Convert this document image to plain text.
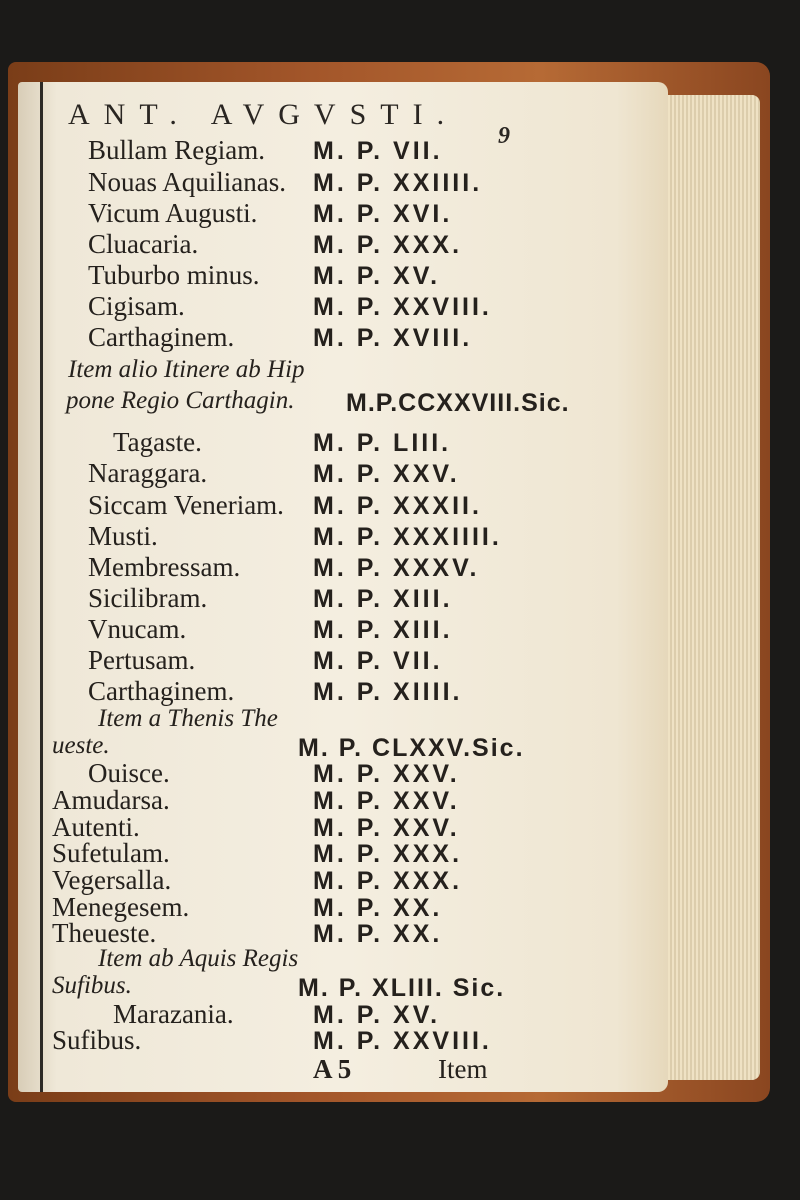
ANT. AVGVSTI.
9
Bullam Regiam. M. P. VII.
Nouas Aquilianas. M. P. XXIIII.
Vicum Augusti. M. P. XVI.
Cluacaria.	M. P. XXX.
Tuburbo minus. M. P. XV.
Cigisam.	M. P. XXVIII.
Carthaginem.	M. P. XVIII.
Item alio Itinere ab Hip
pone Regio Carthagin. M.P.CCXXVIII.Sic.
Tagaste.	M. P. LIII.
Naraggara.	M. P. XXV.
Siccam Veneriam. M. P. XXXII.
Musti.	M. P. XXXIIII.
Membressam.	M. P. XXXV.
Sicilibram.	M. P. XIII.
Vnucam.	M. P. XIII.
Pertusam.	M. P. VII.
Carthaginem.	M. P. XIIII.
Item a Thenis The
ueste.	M. P. CLXXV.Sic.
Ouisce.	M. P. XXV.
Amudarsa.	M. P. XXV.
Autenti.	M. P. XXV.
Sufetulam.	M. P. XXX.
Vegersalla.	M. P. XXX.
Menegesem.	M. P. XX.
Theueste.	M. P. XX.
Item ab Aquis Regis
Sufibus.	M. P. XLIII. Sic.
Marazania.	M. P. XV.
Sufibus.	M. P. XXVIII.
A 5	Item
